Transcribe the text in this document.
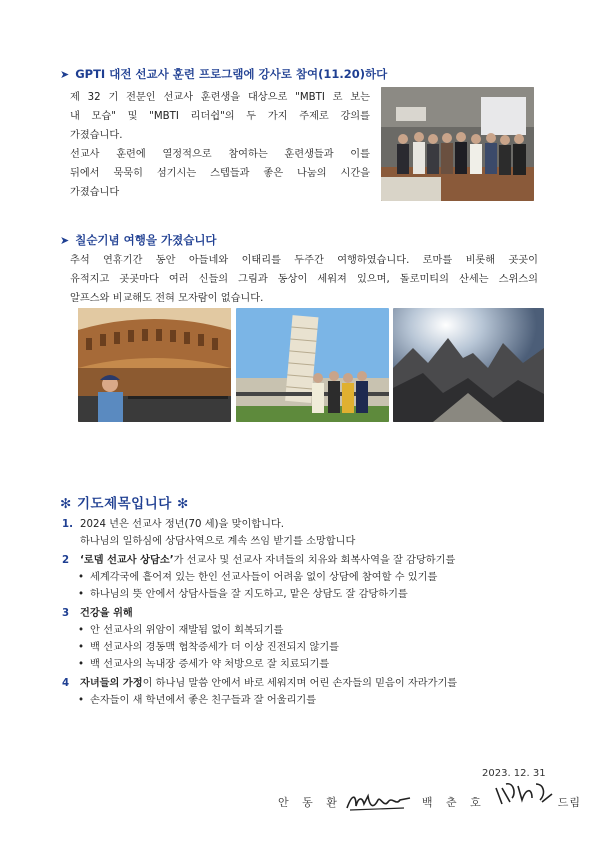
➤ GPTI 대전 선교사 훈련 프로그램에 강사로 참여(11.20)하다
제 32 기 전문인 선교사 훈련생을 대상으로 "MBTI 로 보는
내 모습" 및 "MBTI 리더쉽"의 두 가지 주제로 강의를
가졌습니다.
선교사 훈련에 열정적으로 참여하는 훈련생들과 이를
뒤에서 묵묵히 섬기시는 스텝들과 좋은 나눔의 시간을
가졌습니다
➤ 칠순기념 여행을 가졌습니다
추석 연휴기간 동안 아들네와 이태리를 두주간 여행하였습니다. 로마를 비롯해 곳곳이
유적지고 곳곳마다 여러 신들의 그림과 동상이 세워져 있으며, 돌로미티의 산세는 스위스의
알프스와 비교해도 전혀 모자람이 없습니다.
✻ 기도제목입니다 ✻
1. 2024 년은 선교사 정년(70 세)을 맞이합니다.
하나님의 일하심에 상담사역으로 계속 쓰임 받기를 소망합니다
2	‘로뎀 선교사 상담소’가 선교사 및 선교사 자녀들의 치유와 회복사역을 잘 감당하기를
• 세계각국에 흩어져 있는 한인 선교사들이 어려움 없이 상담에 참여할 수 있기를
• 하나님의 뜻 안에서 상담사들을 잘 지도하고, 맡은 상담도 잘 감당하기를
3	건강을 위해
• 안 선교사의 위암이 재발됨 없이 회복되기를
• 백 선교사의 경동맥 협착증세가 더 이상 진전되지 않기를
• 백 선교사의 녹내장 증세가 약 처방으로 잘 치료되기를
4	자녀들의 가정이 하나님 말씀 안에서 바로 세워지며 어린 손자들의 믿음이 자라가기를
• 손자들이 새 학년에서 좋은 친구들과 잘 어울리기를
2023. 12. 31
안 동 환	백 춘 호	드림
